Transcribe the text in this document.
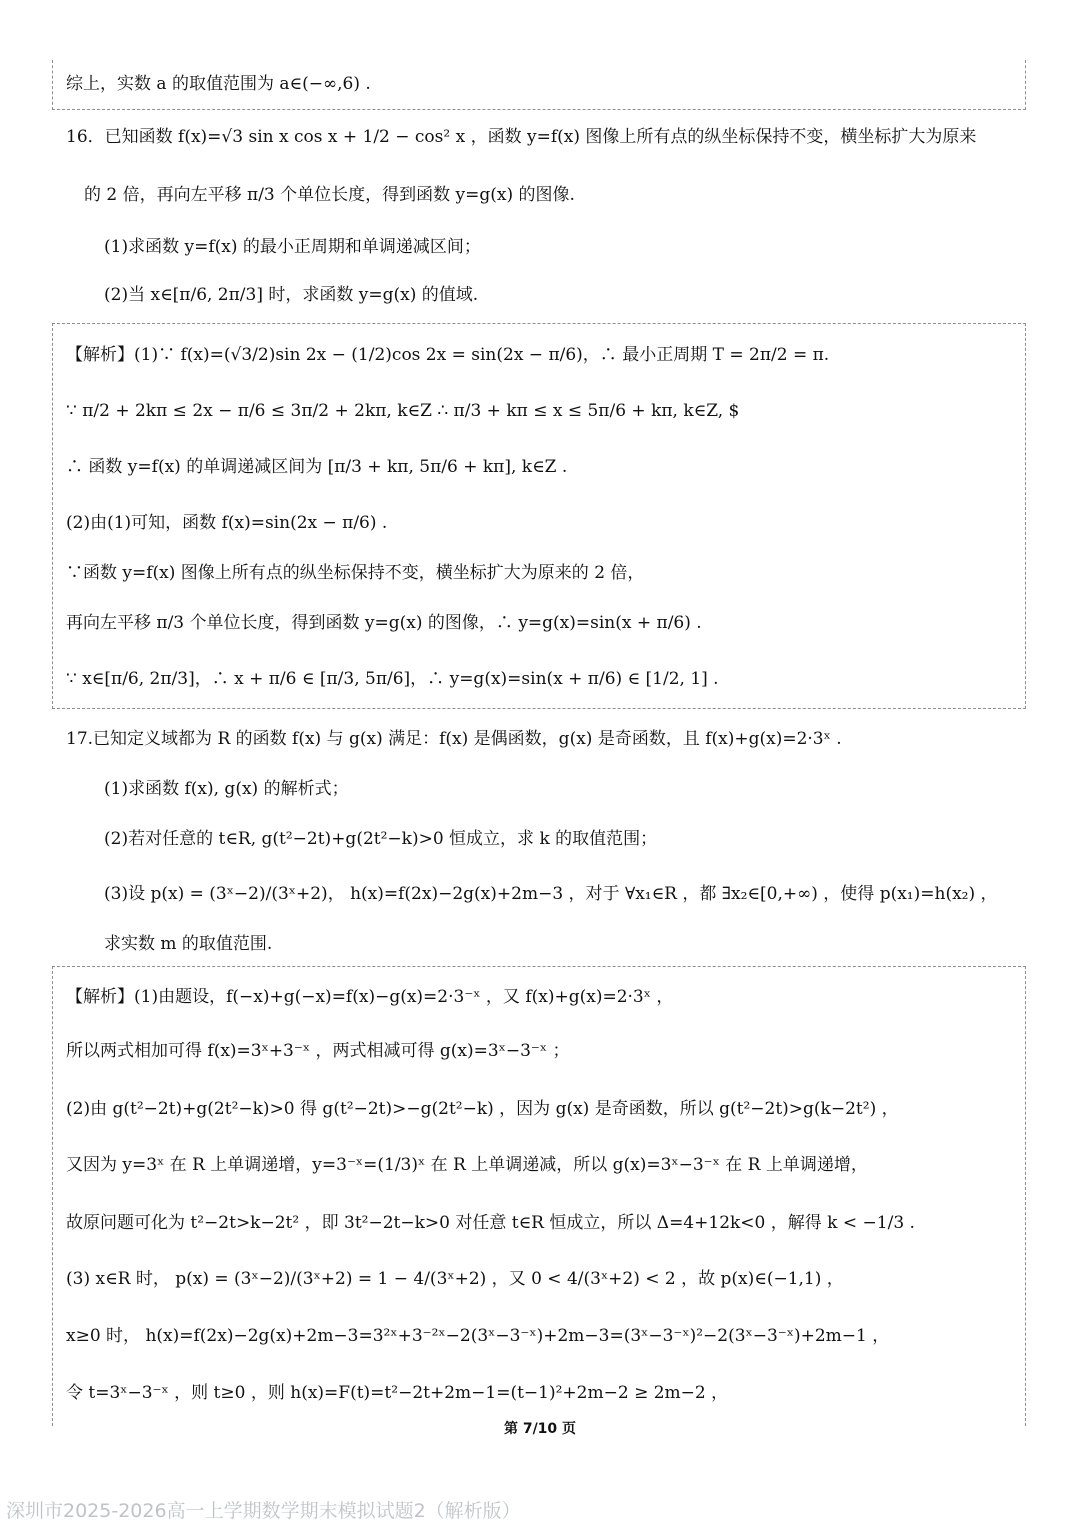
综上，实数 a 的取值范围为 a∈(−∞,6) .
16．已知函数 f(x)=√3 sin x cos x + 1/2 − cos² x ，函数 y=f(x) 图像上所有点的纵坐标保持不变，横坐标扩大为原来
的 2 倍，再向左平移 π/3 个单位长度，得到函数 y=g(x) 的图像.
(1)求函数 y=f(x) 的最小正周期和单调递减区间；
(2)当 x∈[π/6, 2π/3] 时，求函数 y=g(x) 的值域.
【解析】(1)∵ f(x)=(√3/2)sin 2x − (1/2)cos 2x = sin(2x − π/6)，∴ 最小正周期 T = 2π/2 = π.
∵ π/2 + 2kπ ≤ 2x − π/6 ≤ 3π/2 + 2kπ, k∈Z ∴ π/3 + kπ ≤ x ≤ 5π/6 + kπ, k∈Z, $
∴ 函数 y=f(x) 的单调递减区间为 [π/3 + kπ, 5π/6 + kπ], k∈Z .
(2)由(1)可知，函数 f(x)=sin(2x − π/6) .
∵函数 y=f(x) 图像上所有点的纵坐标保持不变，横坐标扩大为原来的 2 倍，
再向左平移 π/3 个单位长度，得到函数 y=g(x) 的图像，∴ y=g(x)=sin(x + π/6) .
∵ x∈[π/6, 2π/3]，∴ x + π/6 ∈ [π/3, 5π/6]，∴ y=g(x)=sin(x + π/6) ∈ [1/2, 1] .
17.已知定义域都为 R 的函数 f(x) 与 g(x) 满足：f(x) 是偶函数，g(x) 是奇函数，且 f(x)+g(x)=2·3ˣ .
(1)求函数 f(x), g(x) 的解析式；
(2)若对任意的 t∈R, g(t²−2t)+g(2t²−k)>0 恒成立，求 k 的取值范围；
(3)设 p(x) = (3ˣ−2)/(3ˣ+2)， h(x)=f(2x)−2g(x)+2m−3 ，对于 ∀x₁∈R ，都 ∃x₂∈[0,+∞) ，使得 p(x₁)=h(x₂) ，
求实数 m 的取值范围.
【解析】(1)由题设，f(−x)+g(−x)=f(x)−g(x)=2·3⁻ˣ ，又 f(x)+g(x)=2·3ˣ ，
所以两式相加可得 f(x)=3ˣ+3⁻ˣ ，两式相减可得 g(x)=3ˣ−3⁻ˣ ；
(2)由 g(t²−2t)+g(2t²−k)>0 得 g(t²−2t)>−g(2t²−k) ，因为 g(x) 是奇函数，所以 g(t²−2t)>g(k−2t²) ，
又因为 y=3ˣ 在 R 上单调递增，y=3⁻ˣ=(1/3)ˣ 在 R 上单调递减，所以 g(x)=3ˣ−3⁻ˣ 在 R 上单调递增，
故原问题可化为 t²−2t>k−2t² ，即 3t²−2t−k>0 对任意 t∈R 恒成立，所以 Δ=4+12k<0 ，解得 k < −1/3 .
(3) x∈R 时， p(x) = (3ˣ−2)/(3ˣ+2) = 1 − 4/(3ˣ+2) ，又 0 < 4/(3ˣ+2) < 2 ，故 p(x)∈(−1,1) ，
x≥0 时， h(x)=f(2x)−2g(x)+2m−3=3²ˣ+3⁻²ˣ−2(3ˣ−3⁻ˣ)+2m−3=(3ˣ−3⁻ˣ)²−2(3ˣ−3⁻ˣ)+2m−1 ，
令 t=3ˣ−3⁻ˣ ，则 t≥0 ，则 h(x)=F(t)=t²−2t+2m−1=(t−1)²+2m−2 ≥ 2m−2 ，
第 7/10 页
深圳市2025-2026高一上学期数学期末模拟试题2（解析版）
